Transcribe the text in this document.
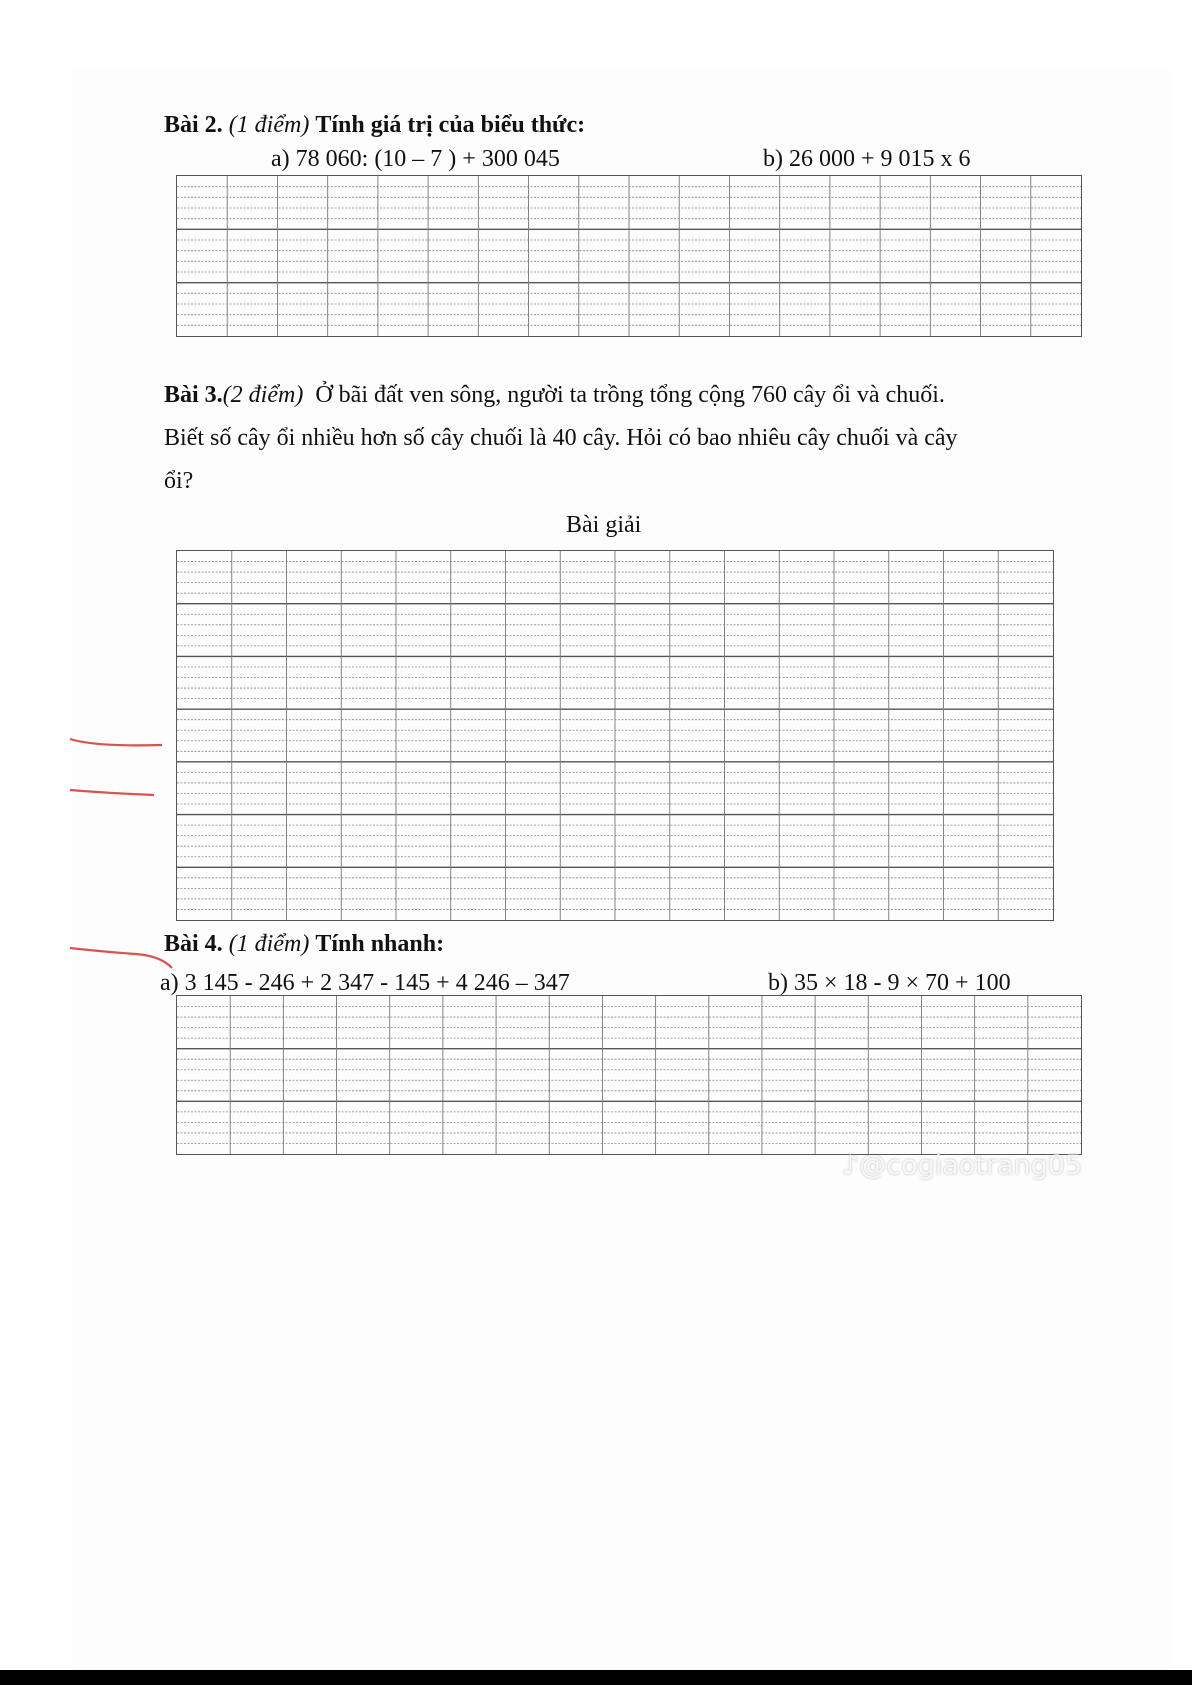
Bài 2. (1 điểm) Tính giá trị của biểu thức:
a) 78 060: (10 – 7 ) + 300 045	b) 26 000 + 9 015 x 6
Bài 3.(2 điểm) Ở bãi đất ven sông, người ta trồng tổng cộng 760 cây ổi và chuối.
Biết số cây ổi nhiều hơn số cây chuối là 40 cây. Hỏi có bao nhiêu cây chuối và cây
ổi?
Bài giải
Bài 4. (1 điểm) Tính nhanh:
a) 3 145 - 246 + 2 347 - 145 + 4 246 – 347	b) 35 × 18 - 9 × 70 + 100
♪@cogiaotrang05
